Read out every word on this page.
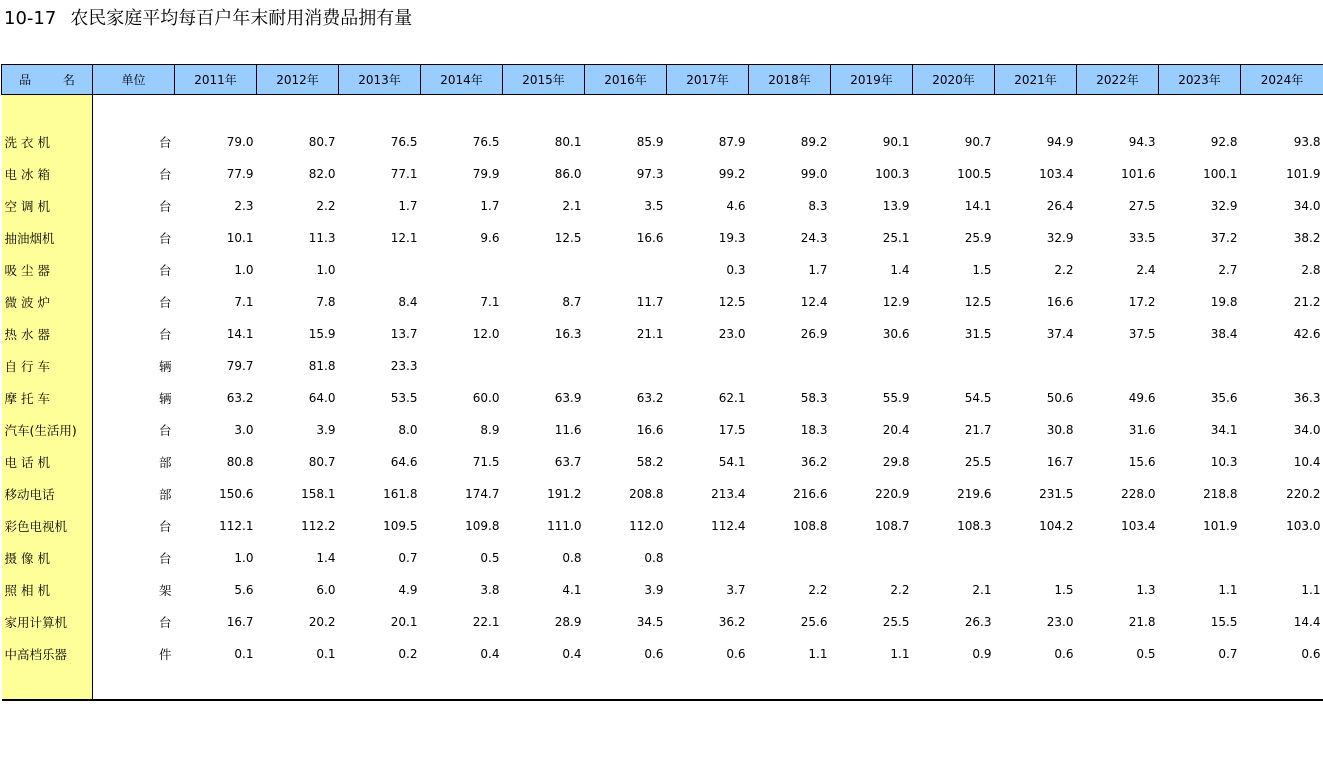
10-17 农民家庭平均每百户年末耐用消费品拥有量
品 名	单位	2011年	2012年	2013年	2014年	2015年	2016年	2017年	2018年	2019年	2020年	2021年	2022年	2023年	2024年

洗 衣 机	台	79.0	80.7	76.5	76.5	80.1	85.9	87.9	89.2	90.1	90.7	94.9	94.3	92.8	93.8
电 冰 箱	台	77.9	82.0	77.1	79.9	86.0	97.3	99.2	99.0	100.3	100.5	103.4	101.6	100.1	101.9
空 调 机	台	2.3	2.2	1.7	1.7	2.1	3.5	4.6	8.3	13.9	14.1	26.4	27.5	32.9	34.0
抽油烟机	台	10.1	11.3	12.1	9.6	12.5	16.6	19.3	24.3	25.1	25.9	32.9	33.5	37.2	38.2
吸 尘 器	台	1.0	1.0					0.3	1.7	1.4	1.5	2.2	2.4	2.7	2.8
微 波 炉	台	7.1	7.8	8.4	7.1	8.7	11.7	12.5	12.4	12.9	12.5	16.6	17.2	19.8	21.2
热 水 器	台	14.1	15.9	13.7	12.0	16.3	21.1	23.0	26.9	30.6	31.5	37.4	37.5	38.4	42.6
自 行 车	辆	79.7	81.8	23.3											
摩 托 车	辆	63.2	64.0	53.5	60.0	63.9	63.2	62.1	58.3	55.9	54.5	50.6	49.6	35.6	36.3
汽车(生活用)	台	3.0	3.9	8.0	8.9	11.6	16.6	17.5	18.3	20.4	21.7	30.8	31.6	34.1	34.0
电 话 机	部	80.8	80.7	64.6	71.5	63.7	58.2	54.1	36.2	29.8	25.5	16.7	15.6	10.3	10.4
移动电话	部	150.6	158.1	161.8	174.7	191.2	208.8	213.4	216.6	220.9	219.6	231.5	228.0	218.8	220.2
彩色电视机	台	112.1	112.2	109.5	109.8	111.0	112.0	112.4	108.8	108.7	108.3	104.2	103.4	101.9	103.0
摄 像 机	台	1.0	1.4	0.7	0.5	0.8	0.8								
照 相 机	架	5.6	6.0	4.9	3.8	4.1	3.9	3.7	2.2	2.2	2.1	1.5	1.3	1.1	1.1
家用计算机	台	16.7	20.2	20.1	22.1	28.9	34.5	36.2	25.6	25.5	26.3	23.0	21.8	15.5	14.4
中高档乐器	件	0.1	0.1	0.2	0.4	0.4	0.6	0.6	1.1	1.1	0.9	0.6	0.5	0.7	0.6
